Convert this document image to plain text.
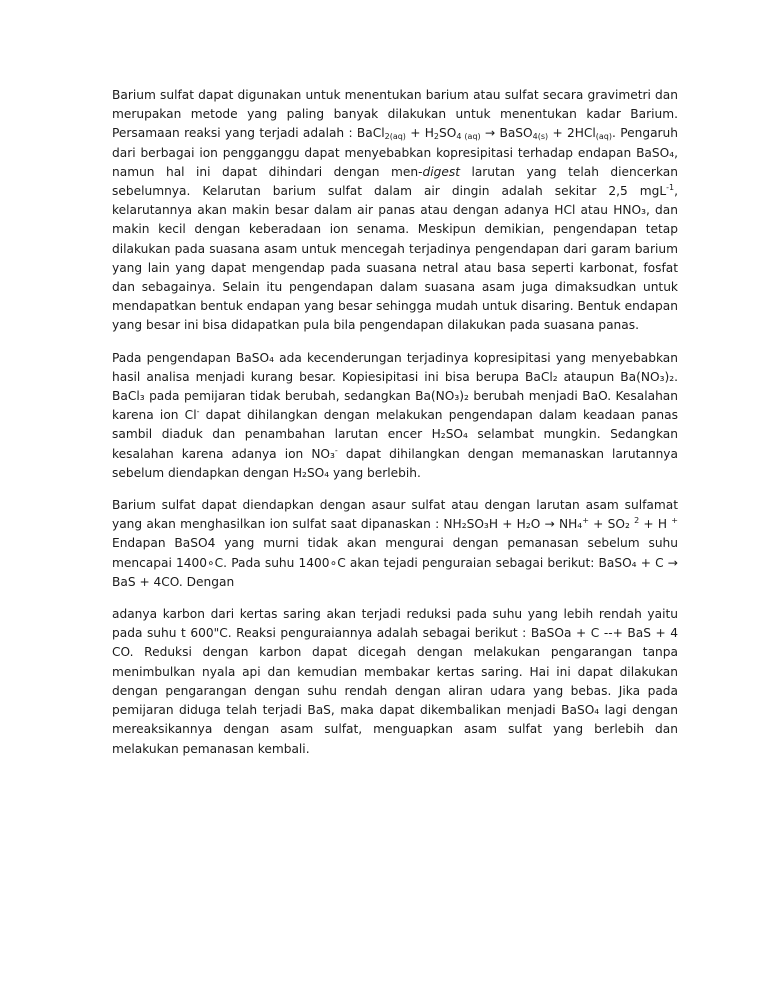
Barium sulfat dapat digunakan untuk menentukan barium atau sulfat secara gravimetri dan merupakan metode yang paling banyak dilakukan untuk menentukan kadar Barium. Persamaan reaksi yang terjadi adalah : BaCl$_{2(aq)}$ + $H_2SO_{4 (aq)}$ → BaSO$_{4(s)}$ + 2HCl$_{(aq)}$. Pengaruh dari berbagai ion pengganggu dapat menyebabkan kopresipitasi terhadap endapan BaSO₄, namun hal ini dapat dihindari dengan men-digest larutan yang telah diencerkan sebelumnya. Kelarutan barium sulfat dalam air dingin adalah sekitar 2,5 mgL$^{-1}$, kelarutannya akan makin besar dalam air panas atau dengan adanya HCl atau HNO₃, dan makin kecil dengan keberadaan ion senama. Meskipun demikian, pengendapan tetap dilakukan pada suasana asam untuk mencegah terjadinya pengendapan dari garam barium yang lain yang dapat mengendap pada suasana netral atau basa seperti karbonat, fosfat dan sebagainya. Selain itu pengendapan dalam suasana asam juga dimaksudkan untuk mendapatkan bentuk endapan yang besar sehingga mudah untuk disaring. Bentuk endapan yang besar ini bisa didapatkan pula bila pengendapan dilakukan pada suasana panas.

Pada pengendapan BaSO₄ ada kecenderungan terjadinya kopresipitasi yang menyebabkan hasil analisa menjadi kurang besar. Kopiesipitasi ini bisa berupa BaCl₂ ataupun Ba(NO₃)₂. BaCl₃ pada pemijaran tidak berubah, sedangkan Ba(NO₃)₂ berubah menjadi BaO. Kesalahan karena ion Cl- dapat dihilangkan dengan melakukan pengendapan dalam keadaan panas sambil diaduk dan penambahan larutan encer H₂SO₄ selambat mungkin. Sedangkan kesalahan karena adanya ion NO₃- dapat dihilangkan dengan memanaskan larutannya sebelum diendapkan dengan H₂SO₄ yang berlebih.

Barium sulfat dapat diendapkan dengan asaur sulfat atau dengan larutan asam sulfamat yang akan menghasilkan ion sulfat saat dipanaskan : NH₂SO₃H + H₂O → NH₄+ + SO₂ $^2$ + H + Endapan BaSO4 yang murni tidak akan mengurai dengan pemanasan sebelum suhu mencapai 1400∘C. Pada suhu 1400∘C akan tejadi penguraian sebagai berikut: BaSO₄ + C → BaS + 4CO. Dengan

adanya karbon dari kertas saring akan terjadi reduksi pada suhu yang lebih rendah yaitu pada suhu t 600"C. Reaksi penguraiannya adalah sebagai berikut : BaSOa + C --+ BaS + 4 CO. Reduksi dengan karbon dapat dicegah dengan melakukan pengarangan tanpa menimbulkan nyala api dan kemudian membakar kertas saring. Hai ini dapat dilakukan dengan pengarangan dengan suhu rendah dengan aliran udara yang bebas. Jika pada pemijaran diduga telah terjadi BaS, maka dapat dikembalikan menjadi BaSO₄ lagi dengan mereaksikannya dengan asam sulfat, menguapkan asam sulfat yang berlebih dan melakukan pemanasan kembali.
